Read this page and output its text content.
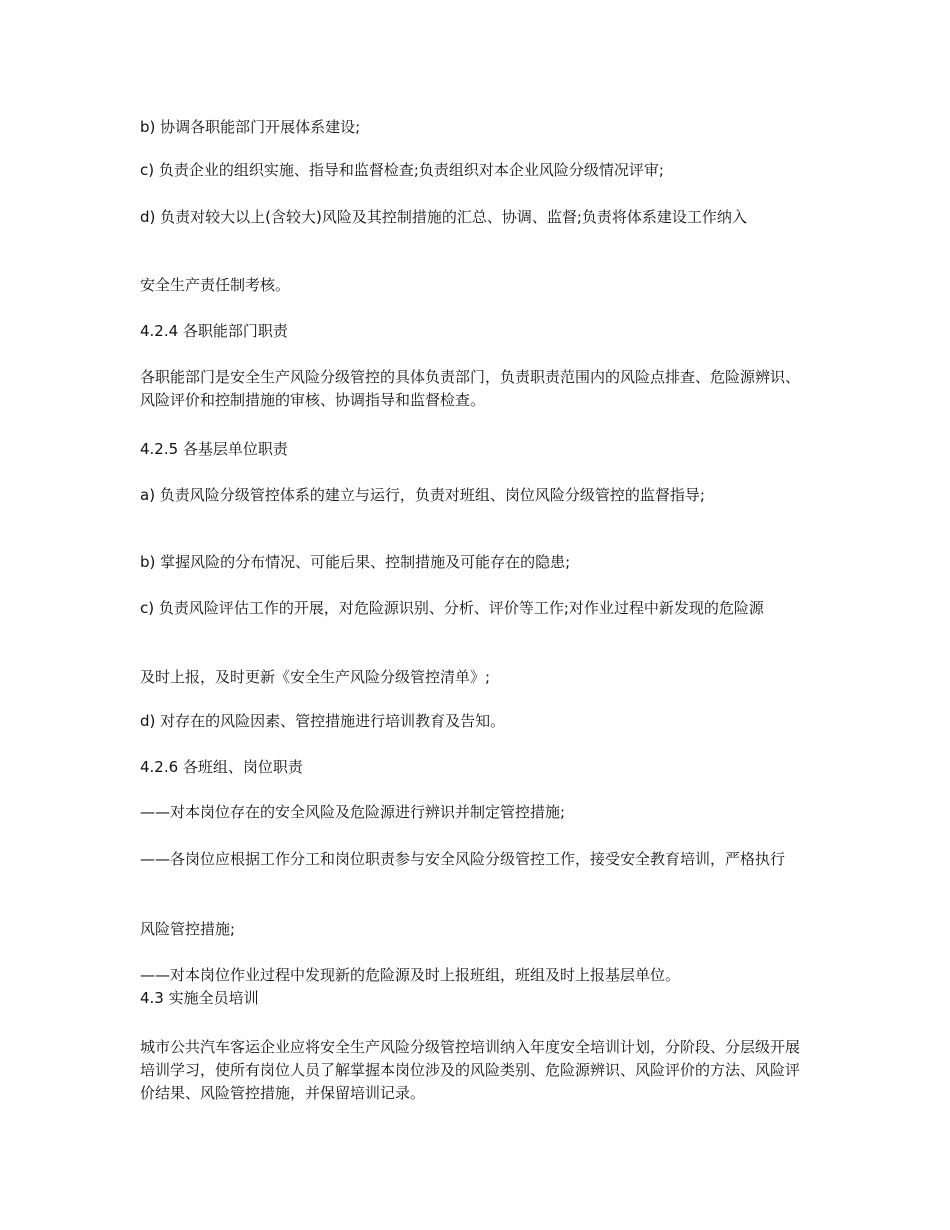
b) 协调各职能部门开展体系建设;

c) 负责企业的组织实施、指导和监督检查;负责组织对本企业风险分级情况评审;

d) 负责对较大以上(含较大)风险及其控制措施的汇总、协调、监督;负责将体系建设工作纳入

安全生产责任制考核。

4.2.4 各职能部门职责

各职能部门是安全生产风险分级管控的具体负责部门，负责职责范围内的风险点排查、危险源辨识、风险评价和控制措施的审核、协调指导和监督检查。

4.2.5 各基层单位职责

a) 负责风险分级管控体系的建立与运行，负责对班组、岗位风险分级管控的监督指导;

b) 掌握风险的分布情况、可能后果、控制措施及可能存在的隐患;

c) 负责风险评估工作的开展，对危险源识别、分析、评价等工作;对作业过程中新发现的危险源

及时上报，及时更新《安全生产风险分级管控清单》;

d) 对存在的风险因素、管控措施进行培训教育及告知。

4.2.6 各班组、岗位职责

——对本岗位存在的安全风险及危险源进行辨识并制定管控措施;

——各岗位应根据工作分工和岗位职责参与安全风险分级管控工作，接受安全教育培训，严格执行

风险管控措施;

——对本岗位作业过程中发现新的危险源及时上报班组，班组及时上报基层单位。

4.3 实施全员培训

城市公共汽车客运企业应将安全生产风险分级管控培训纳入年度安全培训计划，分阶段、分层级开展培训学习，使所有岗位人员了解掌握本岗位涉及的风险类别、危险源辨识、风险评价的方法、风险评价结果、风险管控措施，并保留培训记录。
